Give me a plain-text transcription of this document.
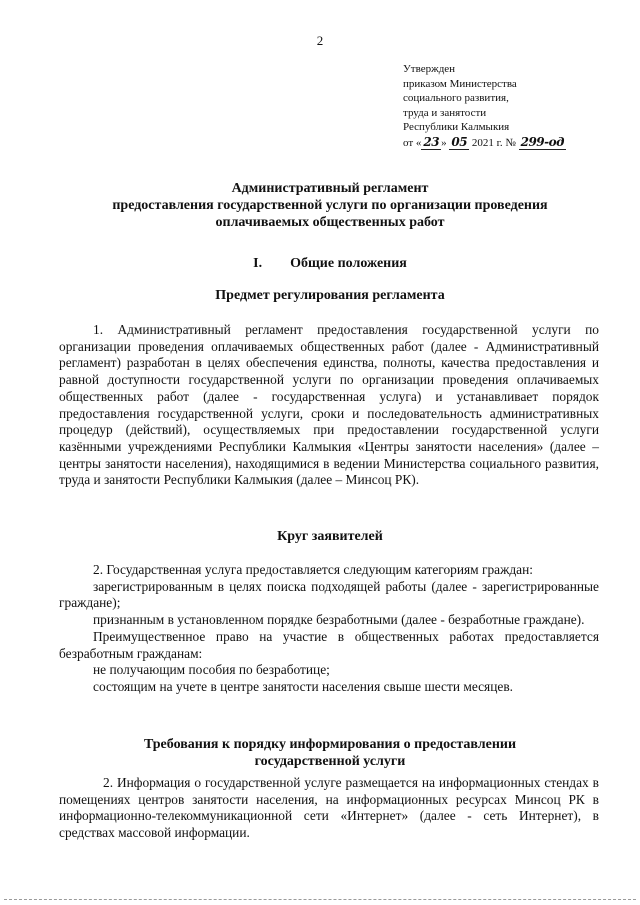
2
Утвержден
приказом Министерства
социального развития,
труда и занятости
Республики Калмыкия
от « 23 » 05 2021 г. № 299-од
Административный регламент
предоставления государственной услуги по организации проведения
оплачиваемых общественных работ
I. Общие положения
Предмет регулирования регламента

1. Административный регламент предоставления государственной услуги по организации проведения оплачиваемых общественных работ (далее - Административный регламент) разработан в целях обеспечения единства, полноты, качества предоставления и равной доступности государственной услуги по организации проведения оплачиваемых общественных работ (далее - государственная услуга) и устанавливает порядок предоставления государственной услуги, сроки и последовательность административных процедур (действий), осуществляемых при предоставлении государственной услуги казёнными учреждениями Республики Калмыкия «Центры занятости населения» (далее – центры занятости населения), находящимися в ведении Министерства социального развития, труда и занятости Республики Калмыкия (далее – Минсоц РК).

Круг заявителей

2. Государственная услуга предоставляется следующим категориям граждан:

зарегистрированным в целях поиска подходящей работы (далее - зарегистрированные граждане);

признанным в установленном порядке безработными (далее - безработные граждане).

Преимущественное право на участие в общественных работах предоставляется безработным гражданам:

не получающим пособия по безработице;

состоящим на учете в центре занятости населения свыше шести месяцев.

Требования к порядку информирования о предоставлении
государственной услуги

2. Информация о государственной услуге размещается на информационных стендах в помещениях центров занятости населения, на информационных ресурсах Минсоц РК в информационно-телекоммуникационной сети «Интернет» (далее - сеть Интернет), в средствах массовой информации.
